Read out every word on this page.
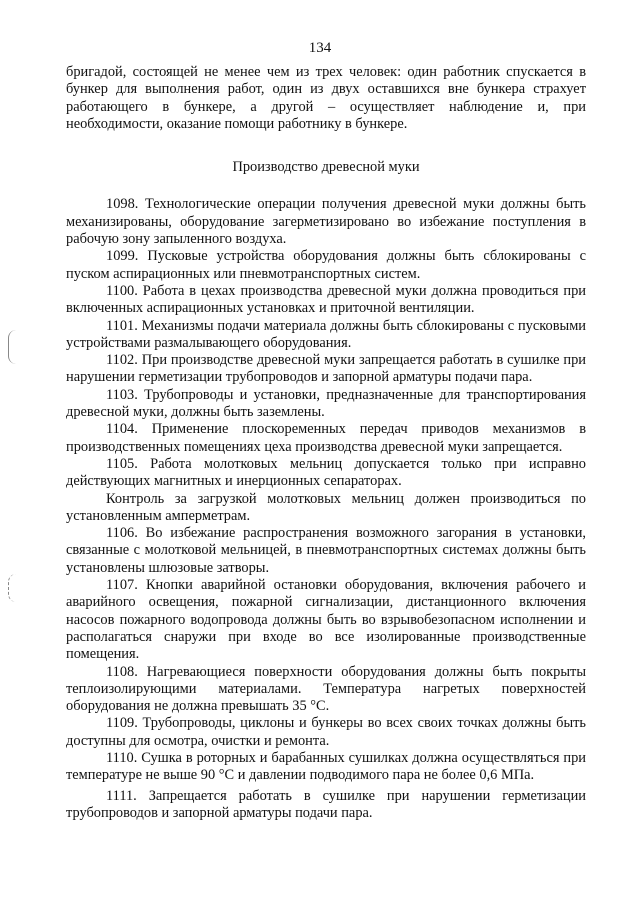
134

бригадой, состоящей не менее чем из трех человек: один работник спускается в бункер для выполнения работ, один из двух оставшихся вне бункера страхует работающего в бункере, а другой – осуществляет наблюдение и, при необходимости, оказание помощи работнику в бункере.

Производство древесной муки

1098. Технологические операции получения древесной муки должны быть механизированы, оборудование загерметизировано во избежание поступления в рабочую зону запыленного воздуха.

1099. Пусковые устройства оборудования должны быть сблокированы с пуском аспирационных или пневмотранспортных систем.

1100. Работа в цехах производства древесной муки должна проводиться при включенных аспирационных установках и приточной вентиляции.

1101. Механизмы подачи материала должны быть сблокированы с пусковыми устройствами размалывающего оборудования.

1102. При производстве древесной муки запрещается работать в сушилке при нарушении герметизации трубопроводов и запорной арматуры подачи пара.

1103. Трубопроводы и установки, предназначенные для транспортирования древесной муки, должны быть заземлены.

1104. Применение плоскоременных передач приводов механизмов в производственных помещениях цеха производства древесной муки запрещается.

1105. Работа молотковых мельниц допускается только при исправно действующих магнитных и инерционных сепараторах.

Контроль за загрузкой молотковых мельниц должен производиться по установленным амперметрам.

1106. Во избежание распространения возможного загорания в установки, связанные с молотковой мельницей, в пневмотранспортных системах должны быть установлены шлюзовые затворы.

1107. Кнопки аварийной остановки оборудования, включения рабочего и аварийного освещения, пожарной сигнализации, дистанционного включения насосов пожарного водопровода должны быть во взрывобезопасном исполнении и располагаться снаружи при входе во все изолированные производственные помещения.

1108. Нагревающиеся поверхности оборудования должны быть покрыты теплоизолирующими материалами. Температура нагретых поверхностей оборудования не должна превышать 35 °С.

1109. Трубопроводы, циклоны и бункеры во всех своих точках должны быть доступны для осмотра, очистки и ремонта.

1110. Сушка в роторных и барабанных сушилках должна осуществляться при температуре не выше 90 °С и давлении подводимого пара не более 0,6 МПа.

1111. Запрещается работать в сушилке при нарушении герметизации трубопроводов и запорной арматуры подачи пара.
